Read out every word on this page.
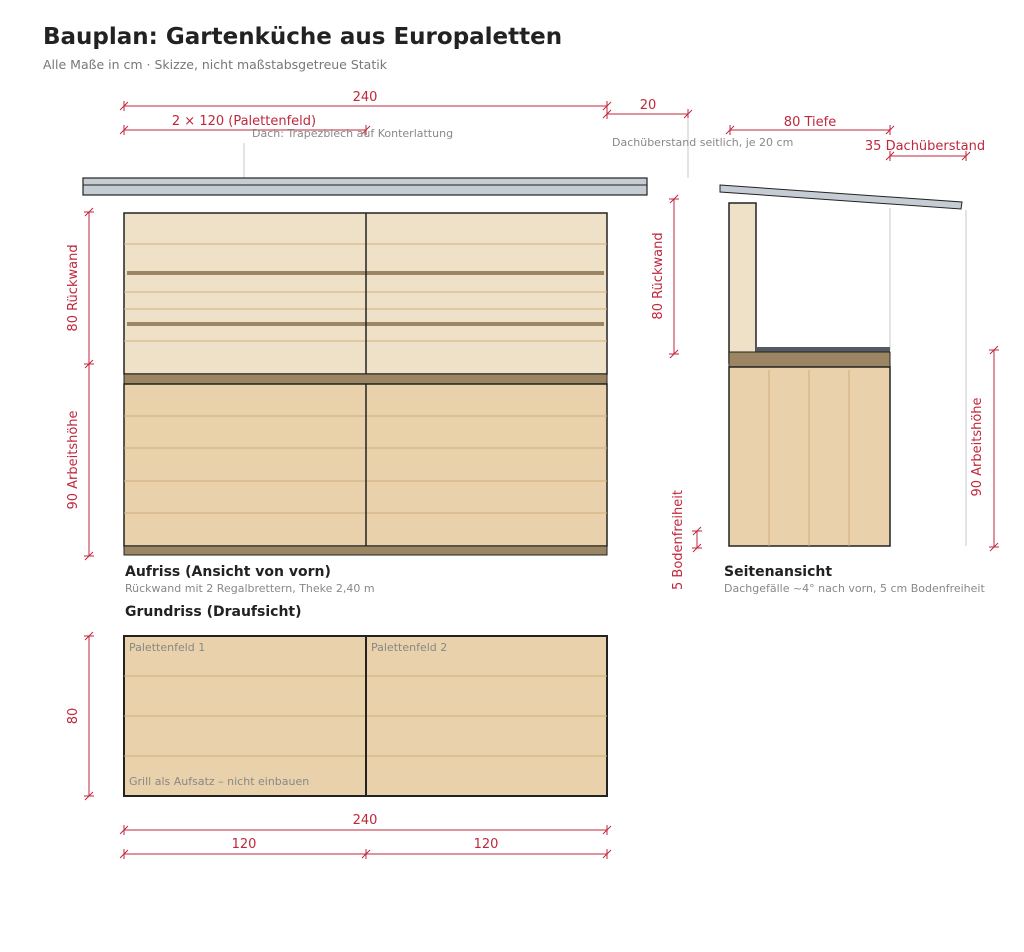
Bauplan: Gartenküche aus Europaletten
Alle Maße in cm · Skizze, nicht maßstabsgetreue Statik
240
2 × 120 (Palettenfeld)
20
Dach: Trapezblech auf Konterlattung
Dachüberstand seitlich, je 20 cm
80 Rückwand
90 Arbeitshöhe
Aufriss (Ansicht von vorn)
Rückwand mit 2 Regalbrettern, Theke 2,40 m
80 Tiefe
35 Dachüberstand
80 Rückwand
90 Arbeitshöhe
5 Bodenfreiheit	Seitenansicht
Dachgefälle ~4° nach vorn, 5 cm Bodenfreiheit
Grundriss (Draufsicht)
Palettenfeld 1	Palettenfeld 2
Grill als Aufsatz – nicht einbauen
80
240
120	120
